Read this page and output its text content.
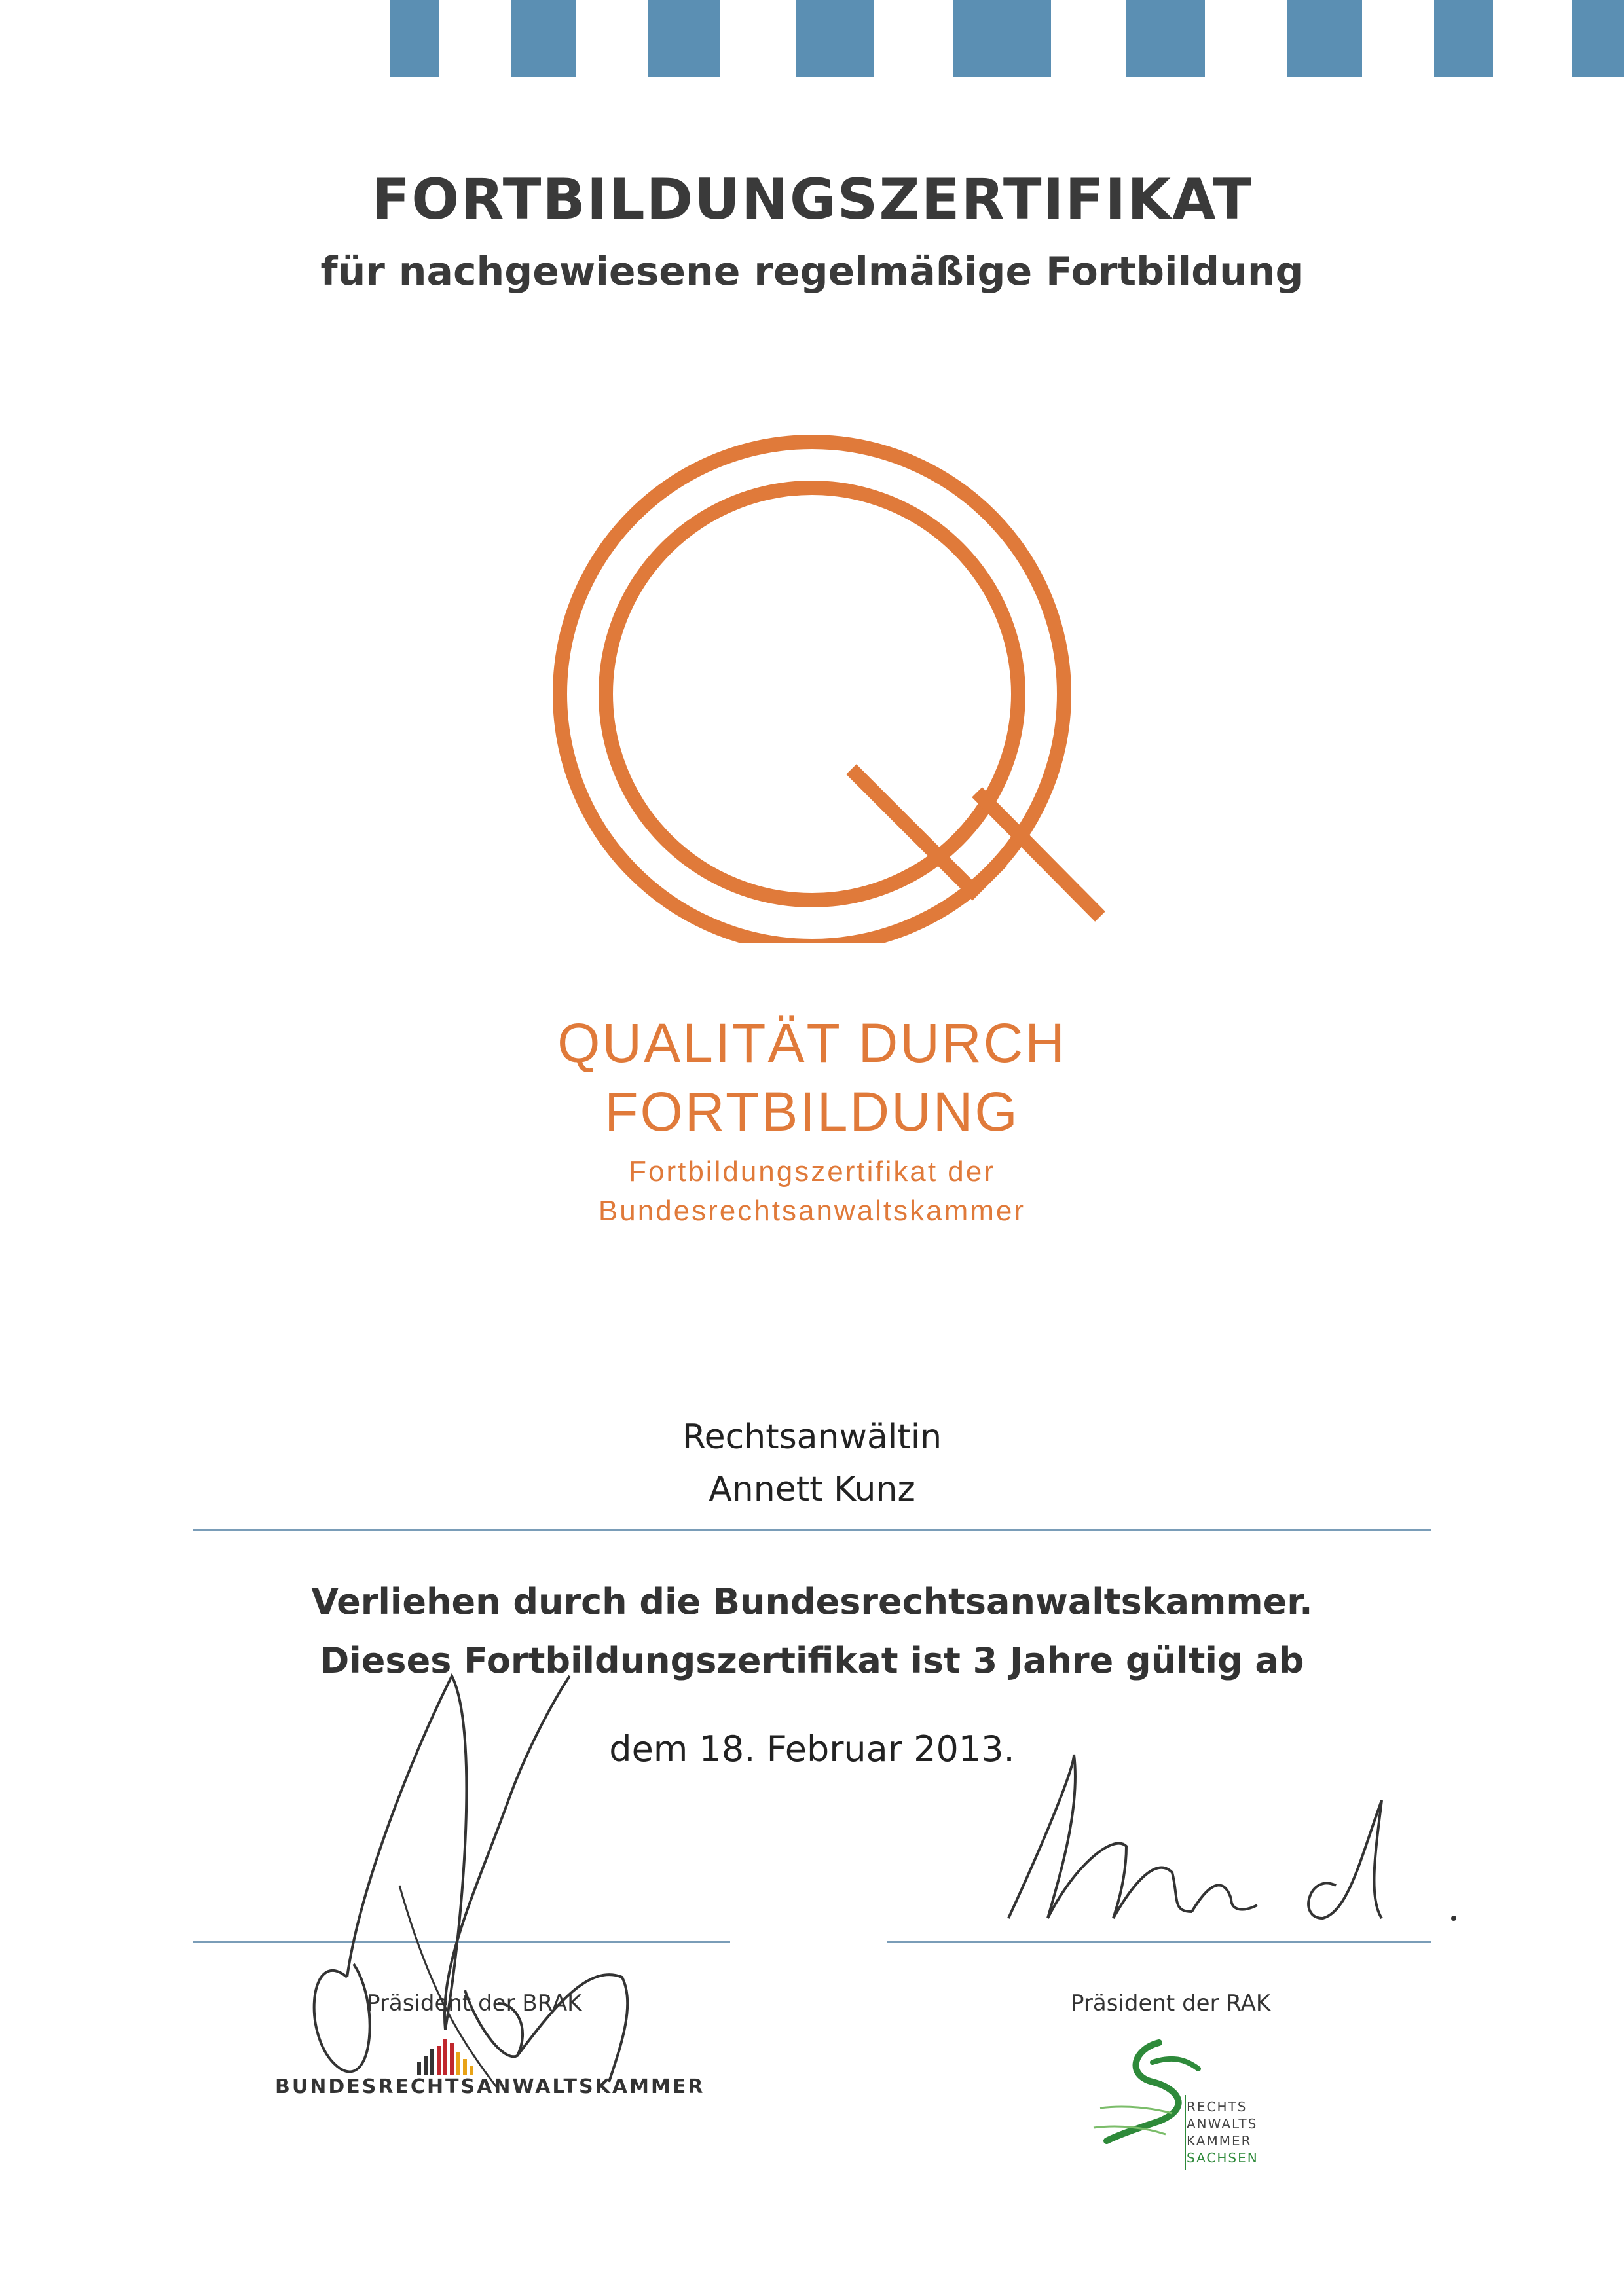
FORTBILDUNGSZERTIFIKAT
für nachgewiesene regelmäßige Fortbildung
QUALITÄT DURCH
FORTBILDUNG
Fortbildungszertifikat der
Bundesrechtsanwaltskammer
Rechtsanwältin
Annett Kunz
Verliehen durch die Bundesrechtsanwaltskammer.
Dieses Fortbildungszertifikat ist 3 Jahre gültig ab
dem 18. Februar 2013.
Präsident der BRAK	Präsident der RAK
BUNDESRECHTSANWALTSKAMMER
RECHTS
ANWALTS
KAMMER
SACHSEN
